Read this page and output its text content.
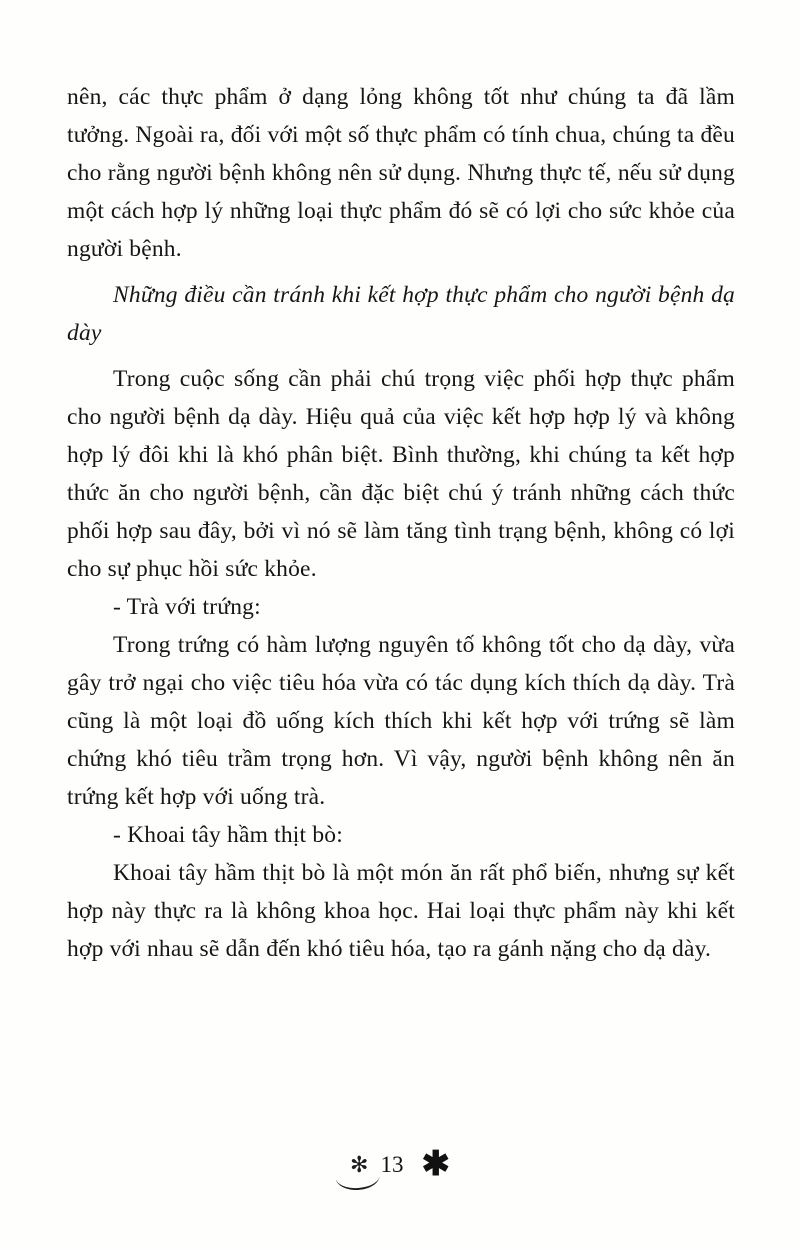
nên, các thực phẩm ở dạng lỏng không tốt như chúng ta đã lầm tưởng. Ngoài ra, đối với một số thực phẩm có tính chua, chúng ta đều cho rằng người bệnh không nên sử dụng. Nhưng thực tế, nếu sử dụng một cách hợp lý những loại thực phẩm đó sẽ có lợi cho sức khỏe của người bệnh.

Những điều cần tránh khi kết hợp thực phẩm cho người bệnh dạ dày

Trong cuộc sống cần phải chú trọng việc phối hợp thực phẩm cho người bệnh dạ dày. Hiệu quả của việc kết hợp hợp lý và không hợp lý đôi khi là khó phân biệt. Bình thường, khi chúng ta kết hợp thức ăn cho người bệnh, cần đặc biệt chú ý tránh những cách thức phối hợp sau đây, bởi vì nó sẽ làm tăng tình trạng bệnh, không có lợi cho sự phục hồi sức khỏe.

- Trà với trứng:

Trong trứng có hàm lượng nguyên tố không tốt cho dạ dày, vừa gây trở ngại cho việc tiêu hóa vừa có tác dụng kích thích dạ dày. Trà cũng là một loại đồ uống kích thích khi kết hợp với trứng sẽ làm chứng khó tiêu trầm trọng hơn. Vì vậy, người bệnh không nên ăn trứng kết hợp với uống trà.

- Khoai tây hầm thịt bò:

Khoai tây hầm thịt bò là một món ăn rất phổ biến, nhưng sự kết hợp này thực ra là không khoa học. Hai loại thực phẩm này khi kết hợp với nhau sẽ dẫn đến khó tiêu hóa, tạo ra gánh nặng cho dạ dày.

✻ 13 ✱
